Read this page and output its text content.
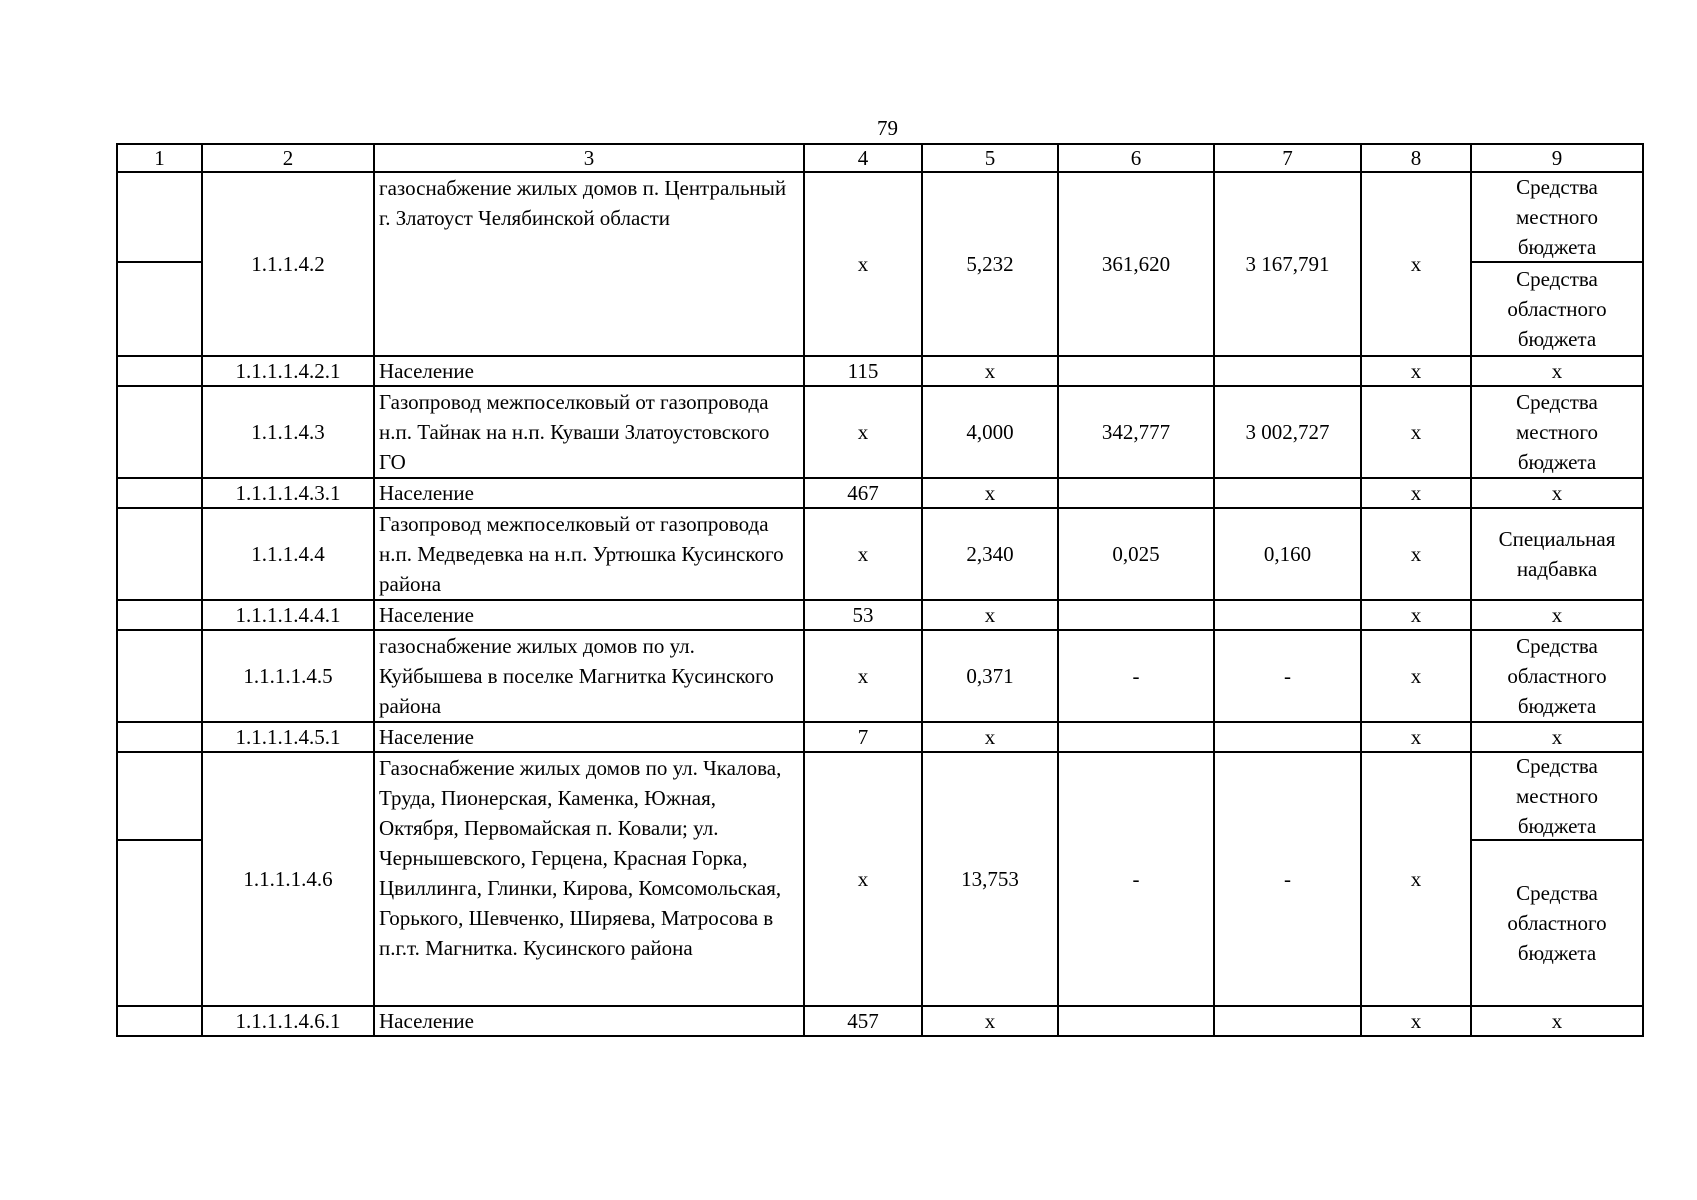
79
1	2	3	4	5	6	7	8	9

	1.1.1.4.2	газоснабжение жилых домов п. Центральный г. Златоуст Челябинской области	х	5,232	361,620	3 167,791	х	Средства местного бюджета
Средства областного бюджета

	1.1.1.1.4.2.1	Население	115	х			х	х
	1.1.1.4.3	Газопровод межпоселковый от газопровода н.п. Тайнак на н.п. Куваши Златоустовского ГО	х	4,000	342,777	3 002,727	х	Средства местного бюджета
	1.1.1.1.4.3.1	Население	467	х			х	х
	1.1.1.4.4	Газопровод межпоселковый от газопровода н.п. Медведевка на н.п. Уртюшка Кусинского района	х	2,340	0,025	0,160	х	Специальная надбавка
	1.1.1.1.4.4.1	Население	53	х			х	х
	1.1.1.1.4.5	газоснабжение жилых домов по ул. Куйбышева в поселке Магнитка Кусинского района	х	0,371	-	-	х	Средства областного бюджета
	1.1.1.1.4.5.1	Население	7	х			х	х

	1.1.1.1.4.6	Газоснабжение жилых домов по ул. Чкалова, Труда, Пионерская, Каменка, Южная, Октября, Первомайская п. Ковали; ул. Чернышевского, Герцена, Красная Горка, Цвиллинга, Глинки, Кирова, Комсомольская, Горького, Шевченко, Ширяева, Матросова в п.г.т. Магнитка. Кусинского района	х	13,753	-	-	х	Средства местного бюджета
Средства областного бюджета

	1.1.1.1.4.6.1	Население	457	х			х	х
